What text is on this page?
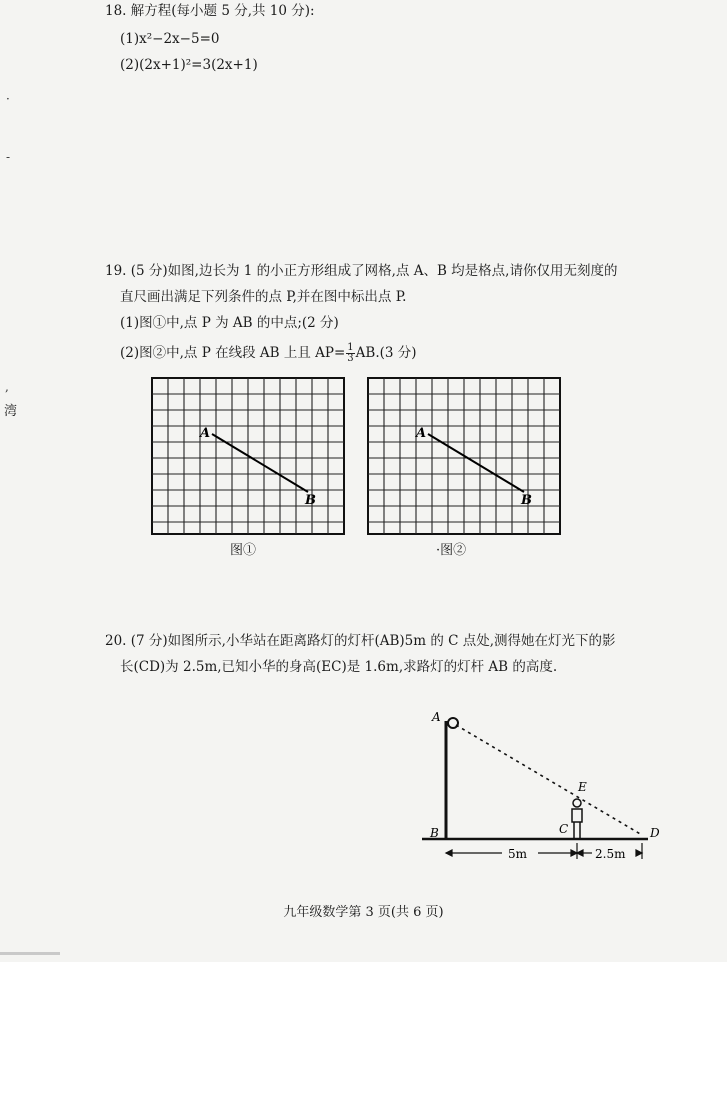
·
-
,
湾
18. 解方程(每小题 5 分,共 10 分):
(1)x²−2x−5=0
(2)(2x+1)²=3(2x+1)
19. (5 分)如图,边长为 1 的小正方形组成了网格,点 A、B 均是格点,请你仅用无刻度的
直尺画出满足下列条件的点 P,并在图中标出点 P.
(1)图①中,点 P 为 AB 的中点;(2 分)
(2)图②中,点 P 在线段 AB 上且 $AP= \frac{1}{3} AB.(3$ 分)
A
B
图①
A
B
·图②
20. (7 分)如图所示,小华站在距离路灯的灯杆(AB)5m 的 C 点处,测得她在灯光下的影
长(CD)为 2.5m,已知小华的身高(EC)是 1.6m,求路灯的灯杆 AB 的高度.
A
B	C	D
E
5m	2.5m
九年级数学第 3 页(共 6 页)
